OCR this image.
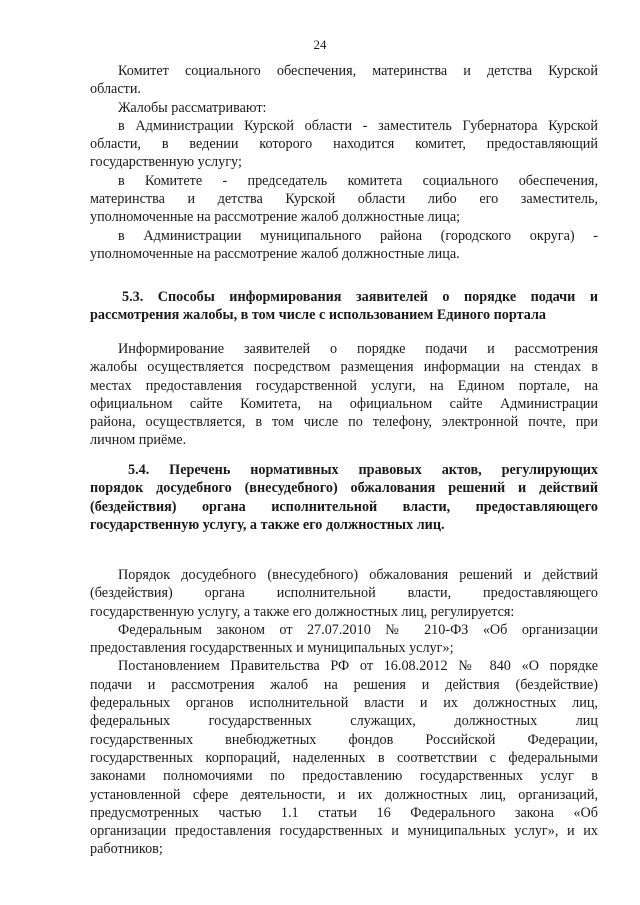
24
Комитет социального обеспечения, материнства и детства Курской
области.
Жалобы рассматривают:
в Администрации Курской области - заместитель Губернатора Курской
области, в ведении которого находится комитет, предоставляющий
государственную услугу;
в Комитете - председатель комитета социального обеспечения,
материнства и детства Курской области либо его заместитель,
уполномоченные на рассмотрение жалоб должностные лица;
в Администрации муниципального района (городского округа) -
уполномоченные на рассмотрение жалоб должностные лица.
5.3. Способы информирования заявителей о порядке подачи и
рассмотрения жалобы, в том числе с использованием Единого портала
Информирование заявителей о порядке подачи и рассмотрения
жалобы осуществляется посредством размещения информации на стендах в
местах предоставления государственной услуги, на Едином портале, на
официальном сайте Комитета, на официальном сайте Администрации
района, осуществляется, в том числе по телефону, электронной почте, при
личном приёме.
5.4. Перечень нормативных правовых актов, регулирующих
порядок досудебного (внесудебного) обжалования решений и действий
(бездействия) органа исполнительной власти, предоставляющего
государственную услугу, а также его должностных лиц.
Порядок досудебного (внесудебного) обжалования решений и действий
(бездействия) органа исполнительной власти, предоставляющего
государственную услугу, а также его должностных лиц, регулируется:
Федеральным законом от 27.07.2010 № 210-ФЗ «Об организации
предоставления государственных и муниципальных услуг»;
Постановлением Правительства РФ от 16.08.2012 № 840 «О порядке
подачи и рассмотрения жалоб на решения и действия (бездействие)
федеральных органов исполнительной власти и их должностных лиц,
федеральных государственных служащих, должностных лиц
государственных внебюджетных фондов Российской Федерации,
государственных корпораций, наделенных в соответствии с федеральными
законами полномочиями по предоставлению государственных услуг в
установленной сфере деятельности, и их должностных лиц, организаций,
предусмотренных частью 1.1 статьи 16 Федерального закона «Об
организации предоставления государственных и муниципальных услуг», и их
работников;
